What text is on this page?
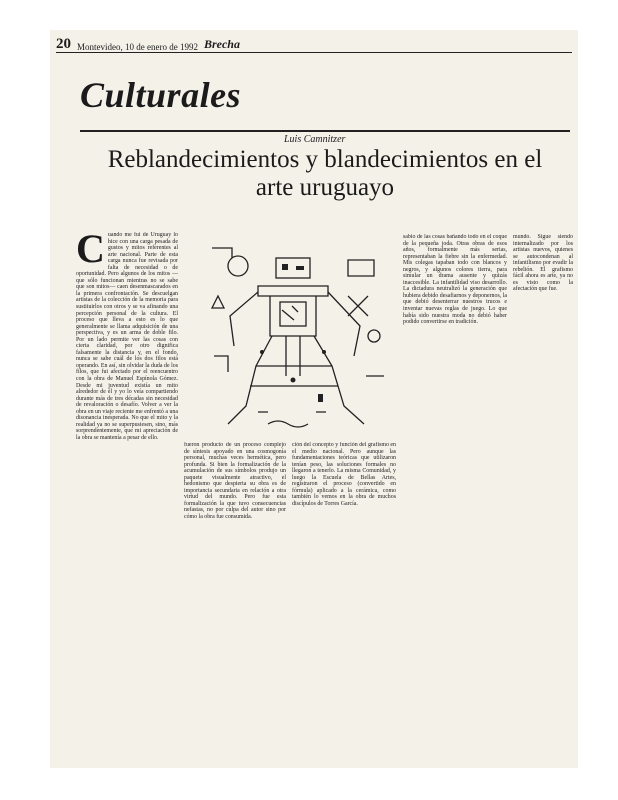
20 Montevideo, 10 de enero de 1992 Brecha
Culturales
Luis Camnitzer
Reblandecimientos y blandecimientos en el arte uruguayo
C uando me fui de Uruguay lo hice con una carga pesada de gustos y mitos referentes al arte nacional. Parte de esta carga nunca fue revisada por falta de necesidad o de oportunidad. Pero algunos de los mitos —que sólo funcionan mientras no se sabe que son mitos— caen desenmascarados en la primera confrontación. Se descuelgan artistas de la colección de la memoria para sustituirlos con otros y se va afinando una percepción personal de la cultura. El proceso que lleva a esto es lo que generalmente se llama adquisición de una perspectiva, y es un arma de doble filo. Por un lado permite ver las cosas con cierta claridad, por otro dignifica falsamente la distancia y, en el fondo, nunca se sabe cuál de los dos filos está operando. En así, sin olvidar la duda de los filos, que fui afectado por el reencuentro con la obra de Manuel Espínola Gómez. Desde mi juventud existía un mito alrededor de él y yo lo veía compartiendo durante más de tres décadas sin necesidad de revaloración o desafío. Volver a ver la obra en un viaje reciente me enfrentó a una disonancia inesperada. No que el mito y la realidad ya no se superpusiesen, sino, más sorprendentemente, que mi apreciación de la obra se mantenía a pesar de ello.
fueron producto de un proceso complejo de síntesis apoyado en una cosmogonía personal, muchas veces hermética, pero profunda. Si bien la formalización de la acumulación de sus símbolos produjo un paquete visualmente atractivo, el hedonismo que despierta su obra es de importancia secundaria en relación a otra virtud del mundo. Pero fue esta formalización la que tuvo consecuencias nefastas, no por culpa del autor sino por cómo la obra fue consumida.
ción del concepto y función del grafismo en el medio nacional. Pero aunque las fundamentaciones teóricas que utilizaron tenían peso, las soluciones formales no llegaron a tenerlo. La misma Comunidad, y luego la Escuela de Bellas Artes, registraron el proceso (convertido en fórmula) aplicado a la cerámica, como también lo vemos en la obra de muchos discípulos de Torres García.
sabio de las cosas bañando todo en el coque de la pequeña joda. Otras obras de esos años, formalmente más serias, representaban la fiebre sin la enfermedad. Mis colegas tapaban todo con blancos y negros, y algunos colores tierra, para simular un drama ausente y quizás inaccesible. La infantilidad viso desarrollo. La dictadura neutralizó la generación que hubiera debido desafiarnos y deponernos, la que debió desenterrar nuestros trucos e inventar nuevas reglas de juego. Lo que había sido nuestra moda no debió haber podido convertirse en tradición.
mundo. Sigue siendo internalizado por los artistas nuevos, quienes se autocondenan al infantilismo por evadir la rebelión. El grafismo fácil ahora es arte, ya no es visto como la afectación que fue.
